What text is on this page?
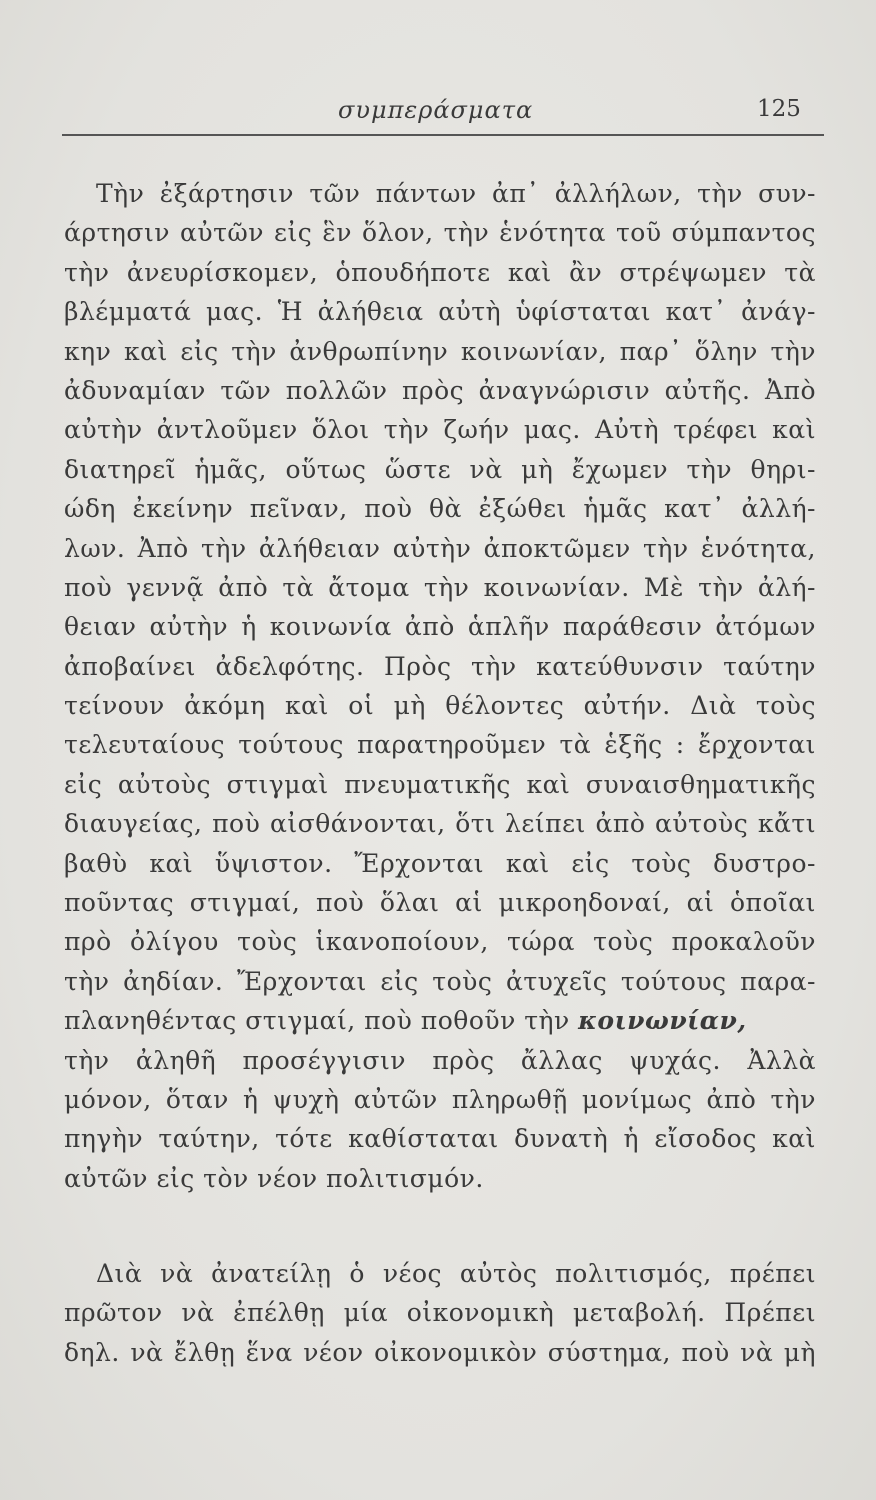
συμπεράσματα	125
Τὴν ἐξάρτησιν τῶν πάντων ἀπ᾿ ἀλλήλων, τὴν συν-
άρτησιν αὐτῶν εἰς ἓν ὅλον, τὴν ἑνότητα τοῦ σύμπαντος
τὴν ἀνευρίσκομεν, ὁπουδήποτε καὶ ἂν στρέψωμεν τὰ
βλέμματά μας. Ἡ ἀλήθεια αὐτὴ ὑφίσταται κατ᾿ ἀνάγ-
κην καὶ εἰς τὴν ἀνθρωπίνην κοινωνίαν, παρ᾿ ὅλην τὴν
ἀδυναμίαν τῶν πολλῶν πρὸς ἀναγνώρισιν αὐτῆς. Ἀπὸ
αὐτὴν ἀντλοῦμεν ὅλοι τὴν ζωήν μας. Αὐτὴ τρέφει καὶ
διατηρεῖ ἡμᾶς, οὕτως ὥστε νὰ μὴ ἔχωμεν τὴν θηρι-
ώδη ἐκείνην πεῖναν, ποὺ θὰ ἐξώθει ἡμᾶς κατ᾿ ἀλλή-
λων. Ἀπὸ τὴν ἀλήθειαν αὐτὴν ἀποκτῶμεν τὴν ἑνότητα,
ποὺ γεννᾷ ἀπὸ τὰ ἄτομα τὴν κοινωνίαν. Μὲ τὴν ἀλή-
θειαν αὐτὴν ἡ κοινωνία ἀπὸ ἁπλῆν παράθεσιν ἀτόμων
ἀποβαίνει ἀδελφότης. Πρὸς τὴν κατεύθυνσιν ταύτην
τείνουν ἀκόμη καὶ οἱ μὴ θέλοντες αὐτήν. Διὰ τοὺς
τελευταίους τούτους παρατηροῦμεν τὰ ἑξῆς : ἔρχονται
εἰς αὐτοὺς στιγμαὶ πνευματικῆς καὶ συναισθηματικῆς
διαυγείας, ποὺ αἰσθάνονται, ὅτι λείπει ἀπὸ αὐτοὺς κἄτι
βαθὺ καὶ ὕψιστον. Ἔρχονται καὶ εἰς τοὺς δυστρο-
ποῦντας στιγμαί, ποὺ ὅλαι αἱ μικροηδοναί, αἱ ὁποῖαι
πρὸ ὀλίγου τοὺς ἱκανοποίουν, τώρα τοὺς προκαλοῦν
τὴν ἀηδίαν. Ἔρχονται εἰς τοὺς ἀτυχεῖς τούτους παρα-
πλανηθέντας στιγμαί, ποὺ ποθοῦν τὴν κοινωνίαν,
τὴν ἀληθῆ προσέγγισιν πρὸς ἄλλας ψυχάς. Ἀλλὰ
μόνον, ὅταν ἡ ψυχὴ αὐτῶν πληρωθῇ μονίμως ἀπὸ τὴν
πηγὴν ταύτην, τότε καθίσταται δυνατὴ ἡ εἴσοδος καὶ
αὐτῶν εἰς τὸν νέον πολιτισμόν.
Διὰ νὰ ἀνατείλῃ ὁ νέος αὐτὸς πολιτισμός, πρέπει
πρῶτον νὰ ἐπέλθῃ μία οἰκονομικὴ μεταβολή. Πρέπει
δηλ. νὰ ἔλθῃ ἕνα νέον οἰκονομικὸν σύστημα, ποὺ νὰ μὴ
